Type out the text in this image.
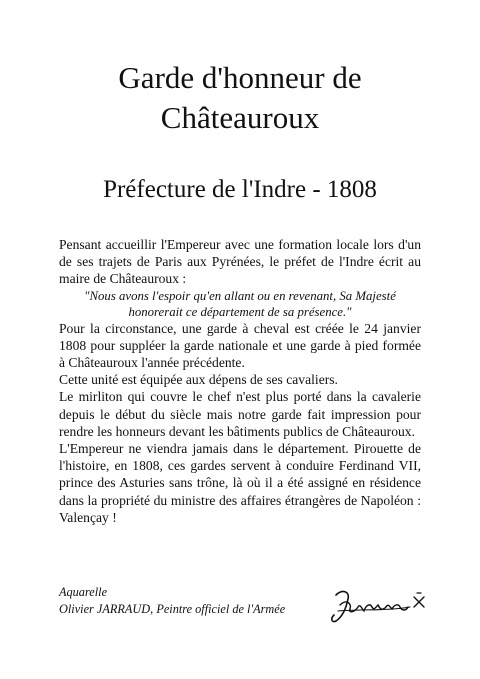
Garde d'honneur de
Châteauroux
Préfecture de l'Indre - 1808

Pensant accueillir l'Empereur avec une formation locale lors d'un de ses trajets de Paris aux Pyrénées, le préfet de l'Indre écrit au maire de Châteauroux :

"Nous avons l'espoir qu'en allant ou en revenant, Sa Majesté honorerait ce département de sa présence."

Pour la circonstance, une garde à cheval est créée le 24 janvier 1808 pour suppléer la garde nationale et une garde à pied formée à Châteauroux l'année précédente.

Cette unité est équipée aux dépens de ses cavaliers.

Le mirliton qui couvre le chef n'est plus porté dans la cavalerie depuis le début du siècle mais notre garde fait impression pour rendre les honneurs devant les bâtiments publics de Châteauroux.

L'Empereur ne viendra jamais dans le département. Pirouette de l'histoire, en 1808, ces gardes servent à conduire Ferdinand VII, prince des Asturies sans trône, là où il a été assigné en résidence dans la propriété du ministre des affaires étrangères de Napoléon : Valençay !

Aquarelle
Olivier JARRAUD, Peintre officiel de l'Armée
